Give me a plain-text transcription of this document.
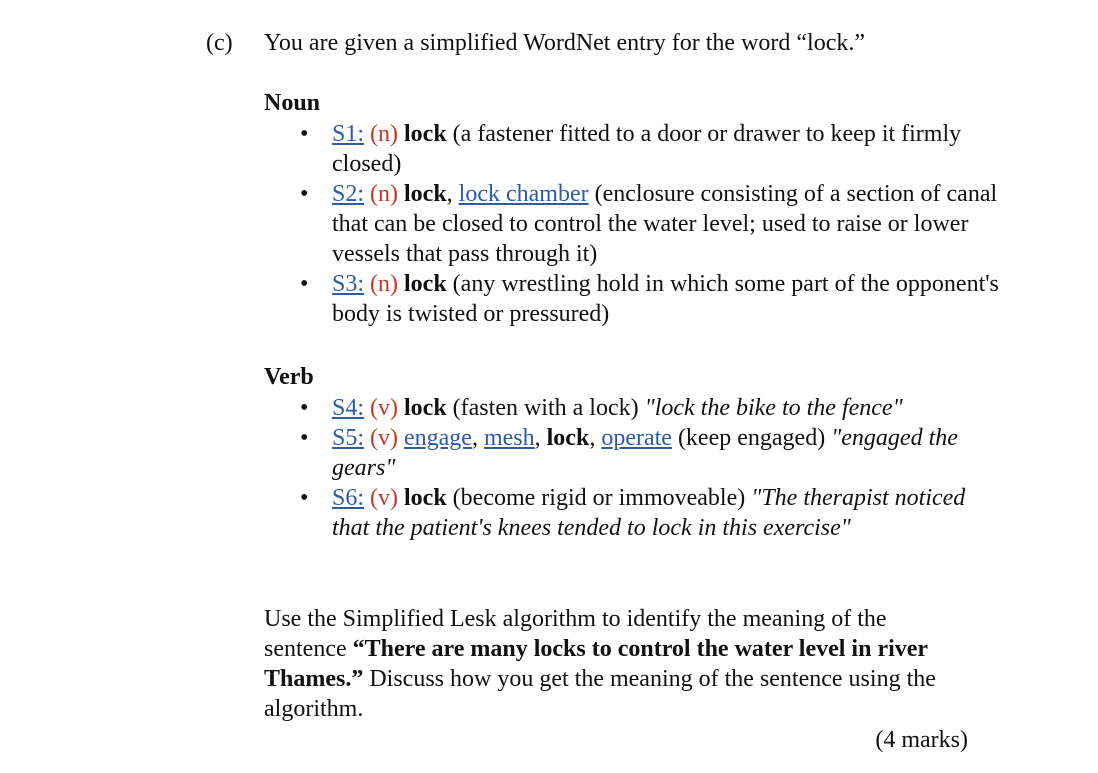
(c) You are given a simplified WordNet entry for the word “lock.”
Noun
• S1: (n) lock (a fastener fitted to a door or drawer to keep it firmly closed)
• S2: (n) lock, lock chamber (enclosure consisting of a section of canal that can be closed to control the water level; used to raise or lower vessels that pass through it)
• S3: (n) lock (any wrestling hold in which some part of the opponent's body is twisted or pressured)
Verb
• S4: (v) lock (fasten with a lock) "lock the bike to the fence"
• S5: (v) engage, mesh, lock, operate (keep engaged) "engaged the gears"
• S6: (v) lock (become rigid or immoveable) "The therapist noticed that the patient's knees tended to lock in this exercise"
Use the Simplified Lesk algorithm to identify the meaning of the sentence “There are many locks to control the water level in river Thames.” Discuss how you get the meaning of the sentence using the algorithm.
(4 marks)
